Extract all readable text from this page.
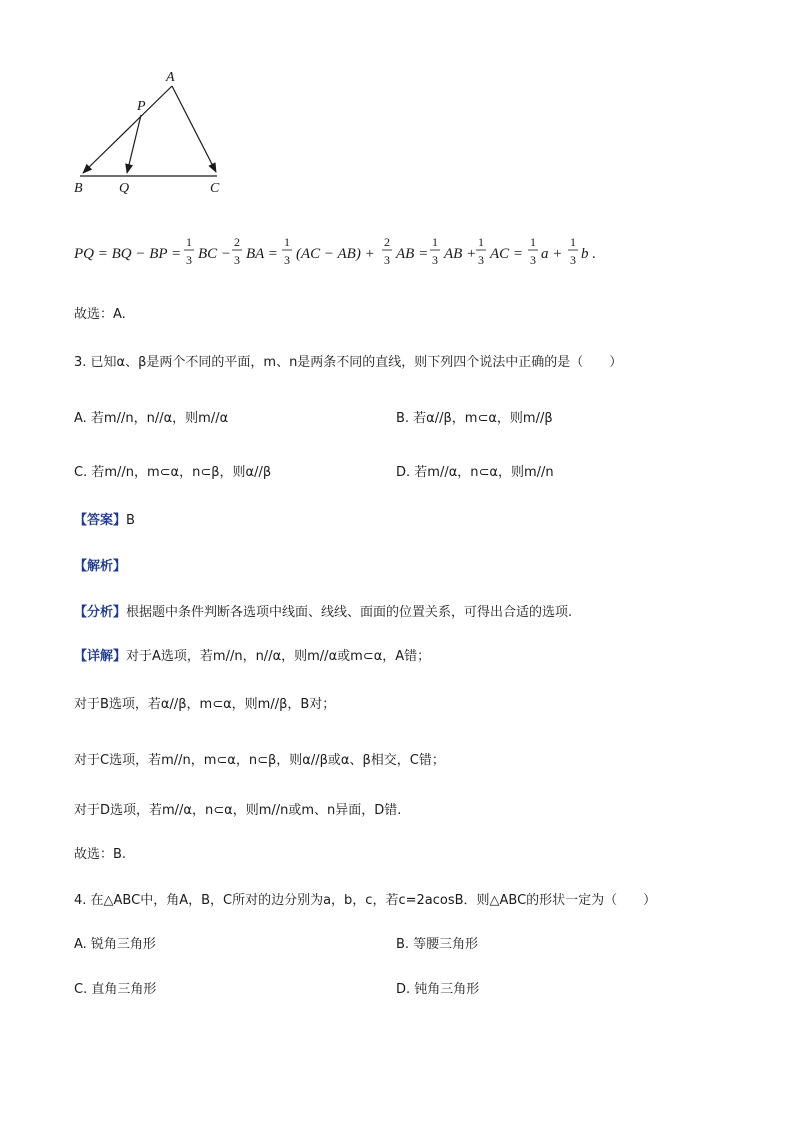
A
P
B	Q	C
PQ = BQ − BP =
1
3 BC −
2
3 BA =
1
3 (AC − AB) +
2
3 AB =
1
3 AB +
1
3 AC =
1
3 a +
1
3 b .
故选：A.
3. 已知α、β是两个不同的平面，m、n是两条不同的直线，则下列四个说法中正确的是（　　）
A. 若m//n，n//α，则m//α	B. 若α//β，m⊂α，则m//β
C. 若m//n，m⊂α，n⊂β，则α//β	D. 若m//α，n⊂α，则m//n
【答案】B
【解析】
【分析】根据题中条件判断各选项中线面、线线、面面的位置关系，可得出合适的选项.
【详解】对于A选项，若m//n，n//α，则m//α或m⊂α，A错；
对于B选项，若α//β，m⊂α，则m//β，B对；
对于C选项，若m//n，m⊂α，n⊂β，则α//β或α、β相交，C错；
对于D选项，若m//α，n⊂α，则m//n或m、n异面，D错.
故选：B.
4. 在△ABC中，角A，B，C所对的边分别为a，b，c，若c=2acosB．则△ABC的形状一定为（　　）
A. 锐角三角形	B. 等腰三角形
C. 直角三角形	D. 钝角三角形
